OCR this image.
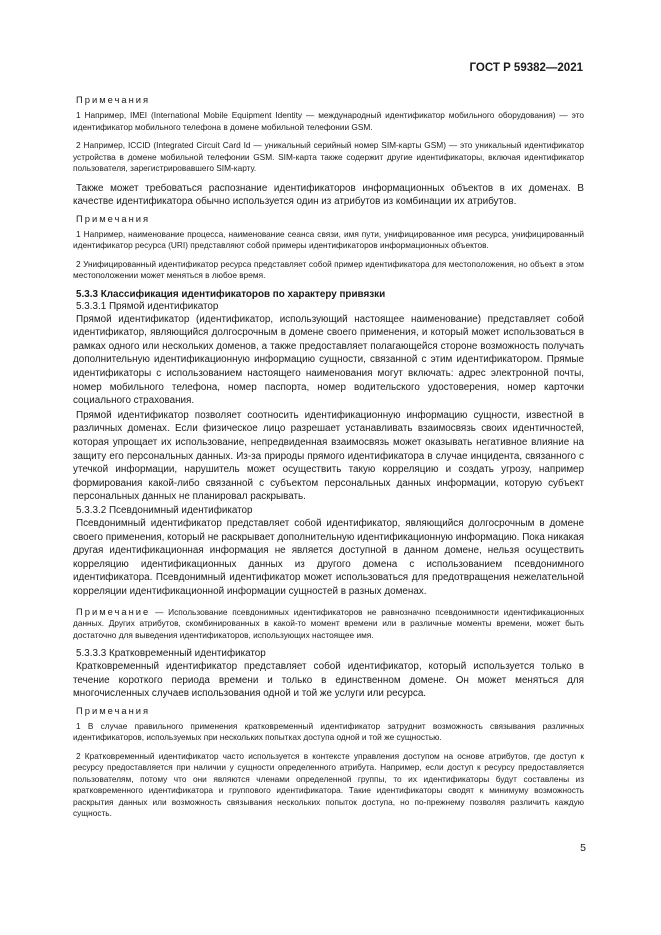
ГОСТ Р 59382—2021
Примечания

1 Например, IMEI (International Mobile Equipment Identity — международный идентификатор мобильного оборудования) — это идентификатор мобильного телефона в домене мобильной телефонии GSM.

2 Например, ICCID (Integrated Circuit Card Id — уникальный серийный номер SIM-карты GSM) — это уникальный идентификатор устройства в домене мобильной телефонии GSM. SIM-карта также содержит другие идентификаторы, включая идентификатор пользователя, зарегистрировавшего SIM-карту.

Также может требоваться распознание идентификаторов информационных объектов в их доменах. В качестве идентификатора обычно используется один из атрибутов из комбинации их атрибутов.

Примечания

1 Например, наименование процесса, наименование сеанса связи, имя пути, унифицированное имя ресурса, унифицированный идентификатор ресурса (URI) представляют собой примеры идентификаторов информационных объектов.

2 Унифицированный идентификатор ресурса представляет собой пример идентификатора для местоположения, но объект в этом местоположении может меняться в любое время.

5.3.3 Классификация идентификаторов по характеру привязки
5.3.3.1 Прямой идентификатор

Прямой идентификатор (идентификатор, использующий настоящее наименование) представляет собой идентификатор, являющийся долгосрочным в домене своего применения, и который может использоваться в рамках одного или нескольких доменов, а также предоставляет полагающейся стороне возможность получать дополнительную идентификационную информацию сущности, связанной с этим идентификатором. Прямые идентификаторы с использованием настоящего наименования могут включать: адрес электронной почты, номер мобильного телефона, номер паспорта, номер водительского удостоверения, номер карточки социального страхования.

Прямой идентификатор позволяет соотносить идентификационную информацию сущности, известной в различных доменах. Если физическое лицо разрешает устанавливать взаимосвязь своих идентичностей, которая упрощает их использование, непредвиденная взаимосвязь может оказывать негативное влияние на защиту его персональных данных. Из-за природы прямого идентификатора в случае инцидента, связанного с утечкой информации, нарушитель может осуществить такую корреляцию и создать угрозу, например формирования какой-либо связанной с субъектом персональных данных информации, которую субъект персональных данных не планировал раскрывать.

5.3.3.2 Псевдонимный идентификатор

Псевдонимный идентификатор представляет собой идентификатор, являющийся долгосрочным в домене своего применения, который не раскрывает дополнительную идентификационную информацию. Пока никакая другая идентификационная информация не является доступной в данном домене, нельзя осуществить корреляцию идентификационных данных из другого домена с использованием псевдонимного идентификатора. Псевдонимный идентификатор может использоваться для предотвращения нежелательной корреляции идентификационной информации сущностей в разных доменах.

Примечание — Использование псевдонимных идентификаторов не равнозначно псевдонимности идентификационных данных. Других атрибутов, скомбинированных в какой-то момент времени или в различные моменты времени, может быть достаточно для выведения идентификаторов, использующих настоящее имя.

5.3.3.3 Кратковременный идентификатор

Кратковременный идентификатор представляет собой идентификатор, который используется только в течение короткого периода времени и только в единственном домене. Он может меняться для многочисленных случаев использования одной и той же услуги или ресурса.

Примечания

1 В случае правильного применения кратковременный идентификатор затруднит возможность связывания различных идентификаторов, используемых при нескольких попытках доступа одной и той же сущностью.

2 Кратковременный идентификатор часто используется в контексте управления доступом на основе атрибутов, где доступ к ресурсу предоставляется при наличии у сущности определенного атрибута. Например, если доступ к ресурсу предоставляется пользователям, потому что они являются членами определенной группы, то их идентификаторы будут составлены из кратковременного идентификатора и группового идентификатора. Такие идентификаторы сводят к минимуму возможность раскрытия данных или возможность связывания нескольких попыток доступа, но по-прежнему позволяя различить каждую сущность.

5
